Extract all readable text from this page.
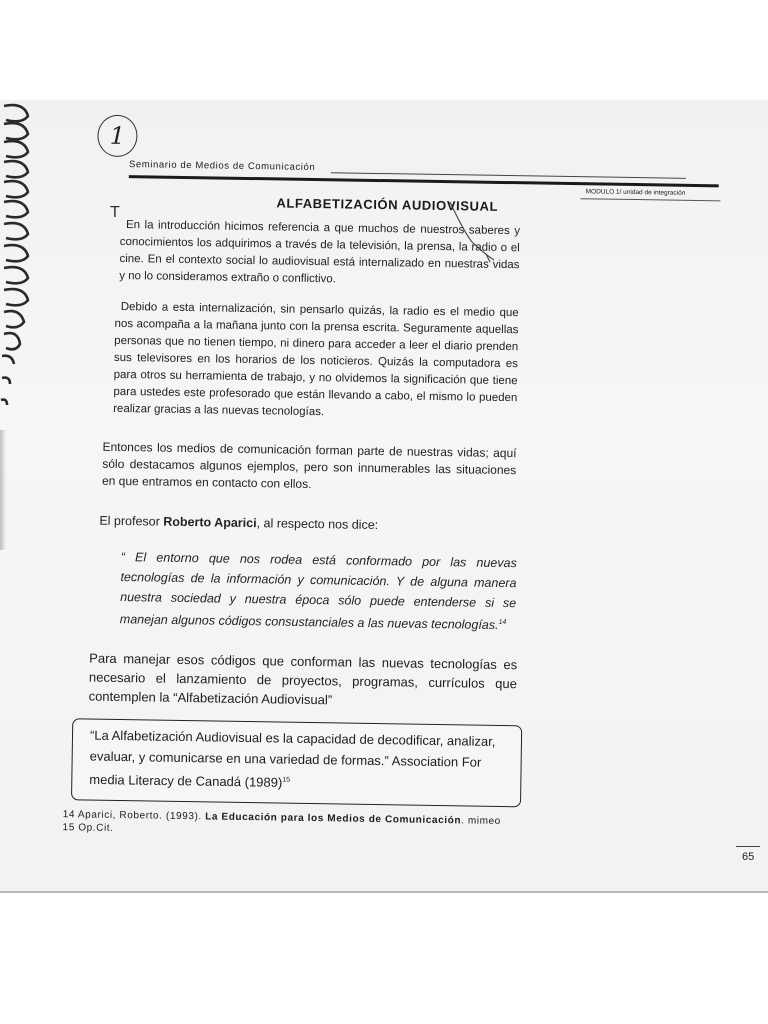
T
1
Seminario de Medios de Comunicación
MODULO 1/ unidad de integración
ALFABETIZACIÓN AUDIOVISUAL

En la introducción hicimos referencia a que muchos de nuestros saberes y conocimientos los adquirimos a través de la televisión, la prensa, la radio o el cine. En el contexto social lo audiovisual está internalizado en nuestras vidas y no lo consideramos extraño o conflictivo.

Debido a esta internalización, sin pensarlo quizás, la radio es el medio que nos acompaña a la mañana junto con la prensa escrita. Seguramente aquellas personas que no tienen tiempo, ni dinero para acceder a leer el diario prenden sus televisores en los horarios de los noticieros. Quizás la computadora es para otros su herramienta de trabajo, y no olvidemos la significación que tiene para ustedes este profesorado que están llevando a cabo, el mismo lo pueden realizar gracias a las nuevas tecnologías.

Entonces los medios de comunicación forman parte de nuestras vidas; aquí sólo destacamos algunos ejemplos, pero son innumerables las situaciones en que entramos en contacto con ellos.

El profesor Roberto Aparici, al respecto nos dice:

“ El entorno que nos rodea está conformado por las nuevas tecnologías de la información y comunicación. Y de alguna manera nuestra sociedad y nuestra época sólo puede entenderse si se manejan algunos códigos consustanciales a las nuevas tecnologías.$^{14}$

Para manejar esos códigos que conforman las nuevas tecnologías es necesario el lanzamiento de proyectos, programas, currículos que contemplen la “Alfabetización Audiovisual”

“La Alfabetización Audiovisual es la capacidad de decodificar, analizar, evaluar, y comunicarse en una variedad de formas.” Association For media Literacy de Canadá $(1989)^{15}$

14 Aparici, Roberto. (1993). La Educación para los Medios de Comunicación. mimeo
15 Op.Cit.
65
